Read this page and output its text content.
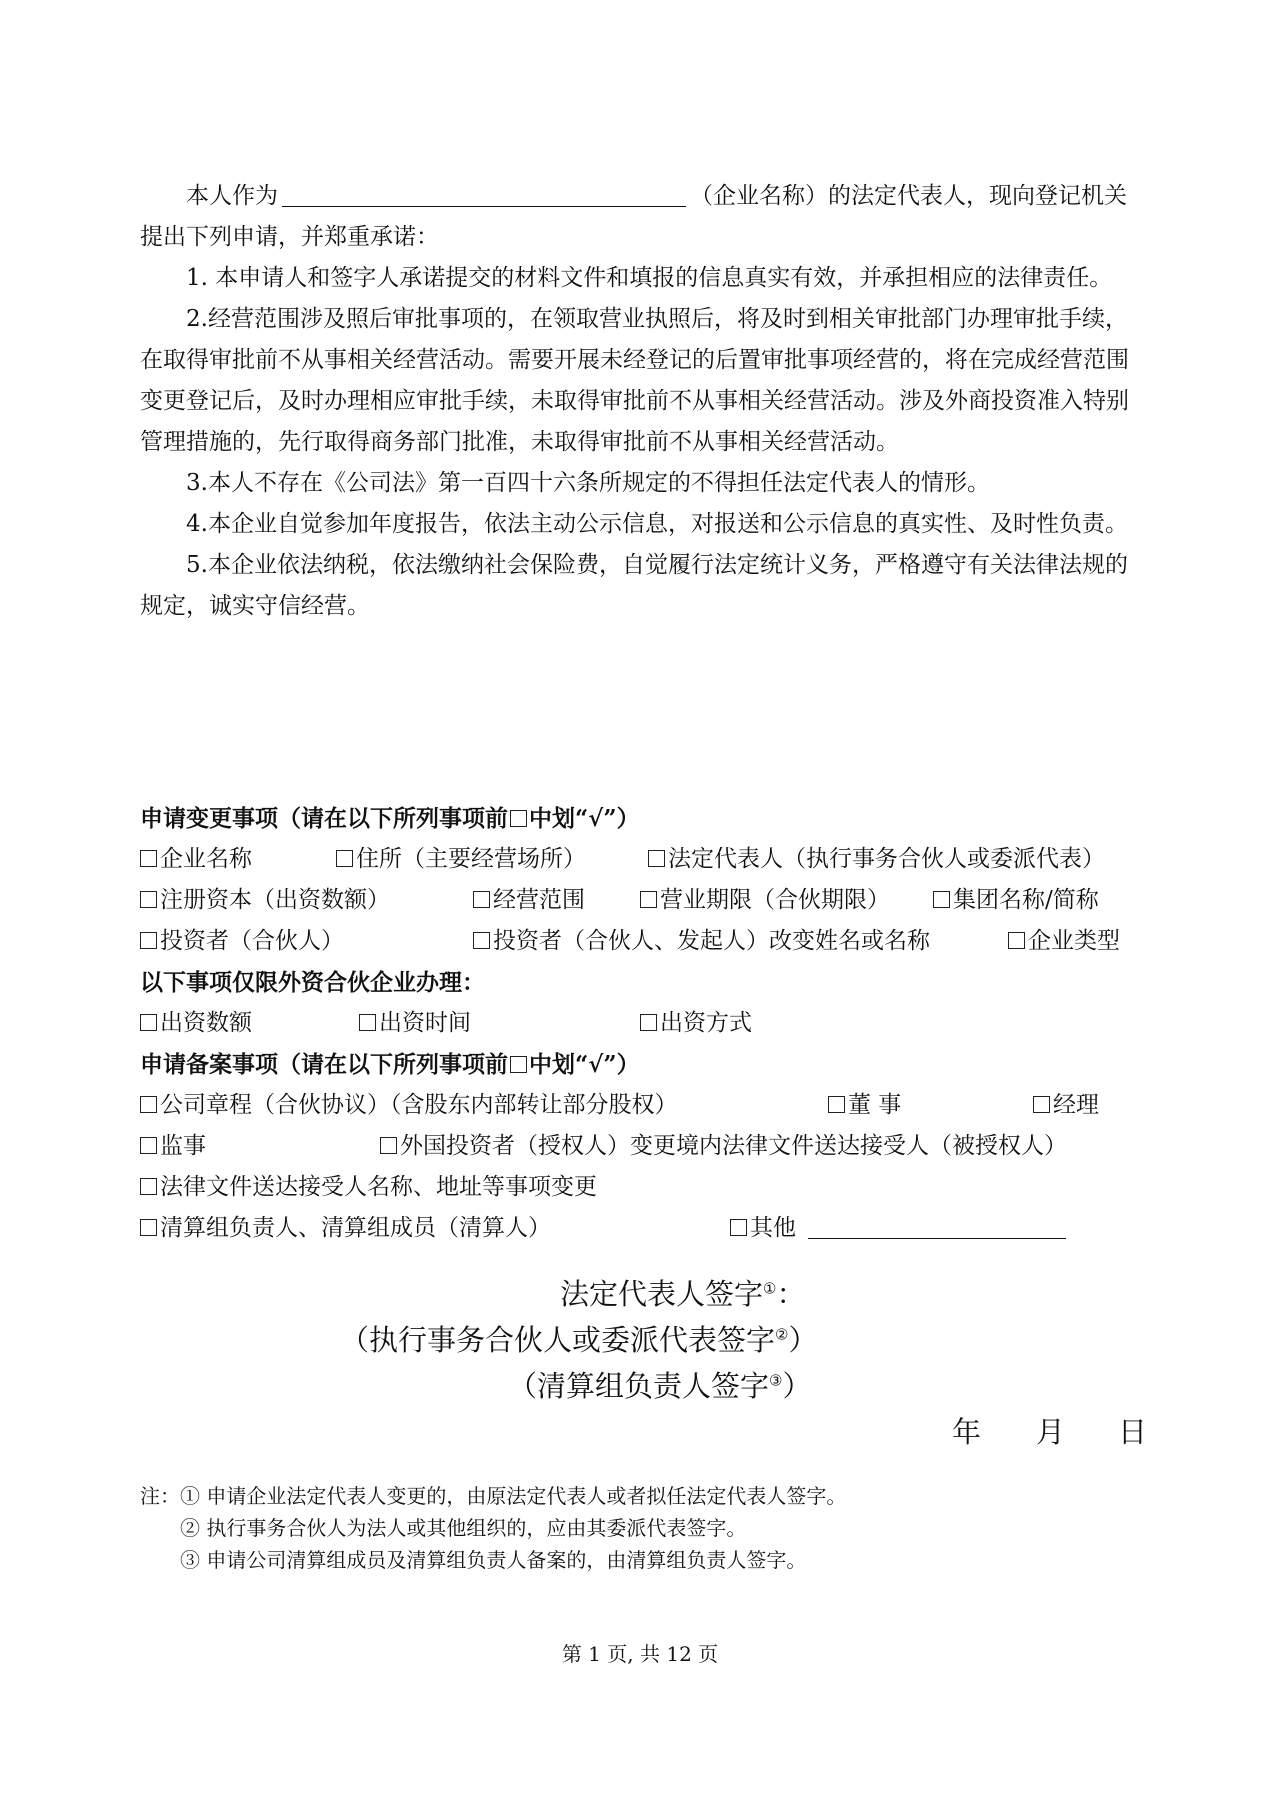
本人作为	（企业名称）的法定代表人，现向登记机关提出下列申请，并郑重承诺：

1. 本申请人和签字人承诺提交的材料文件和填报的信息真实有效，并承担相应的法律责任。

2.经营范围涉及照后审批事项的，在领取营业执照后，将及时到相关审批部门办理审批手续，在取得审批前不从事相关经营活动。需要开展未经登记的后置审批事项经营的，将在完成经营范围变更登记后，及时办理相应审批手续，未取得审批前不从事相关经营活动。涉及外商投资准入特别管理措施的，先行取得商务部门批准，未取得审批前不从事相关经营活动。

3.本人不存在《公司法》第一百四十六条所规定的不得担任法定代表人的情形。

4.本企业自觉参加年度报告，依法主动公示信息，对报送和公示信息的真实性、及时性负责。

5.本企业依法纳税，依法缴纳社会保险费，自觉履行法定统计义务，严格遵守有关法律法规的规定，诚实守信经营。

申请变更事项（请在以下所列事项前 中划“√”）
企业名称	住所（主要经营场所）	法定代表人（执行事务合伙人或委派代表）
注册资本（出资数额）	经营范围	营业期限（合伙期限）	集团名称/简称
投资者（合伙人）	投资者（合伙人、发起人）改变姓名或名称	企业类型
以下事项仅限外资合伙企业办理：
出资数额	出资时间	出资方式
申请备案事项（请在以下所列事项前 中划“√”）
公司章程（合伙协议）（含股东内部转让部分股权）	董 事	经理
监事	外国投资者（授权人）变更境内法律文件送达接受人（被授权人）
法律文件送达接受人名称、地址等事项变更
清算组负责人、清算组成员（清算人）	其他
法定代表人签字①：
（执行事务合伙人或委派代表签字②）
（清算组负责人签字③）
年 月 日
注：① 申请企业法定代表人变更的，由原法定代表人或者拟任法定代表人签字。
② 执行事务合伙人为法人或其他组织的，应由其委派代表签字。
③ 申请公司清算组成员及清算组负责人备案的，由清算组负责人签字。
第 1 页, 共 12 页
